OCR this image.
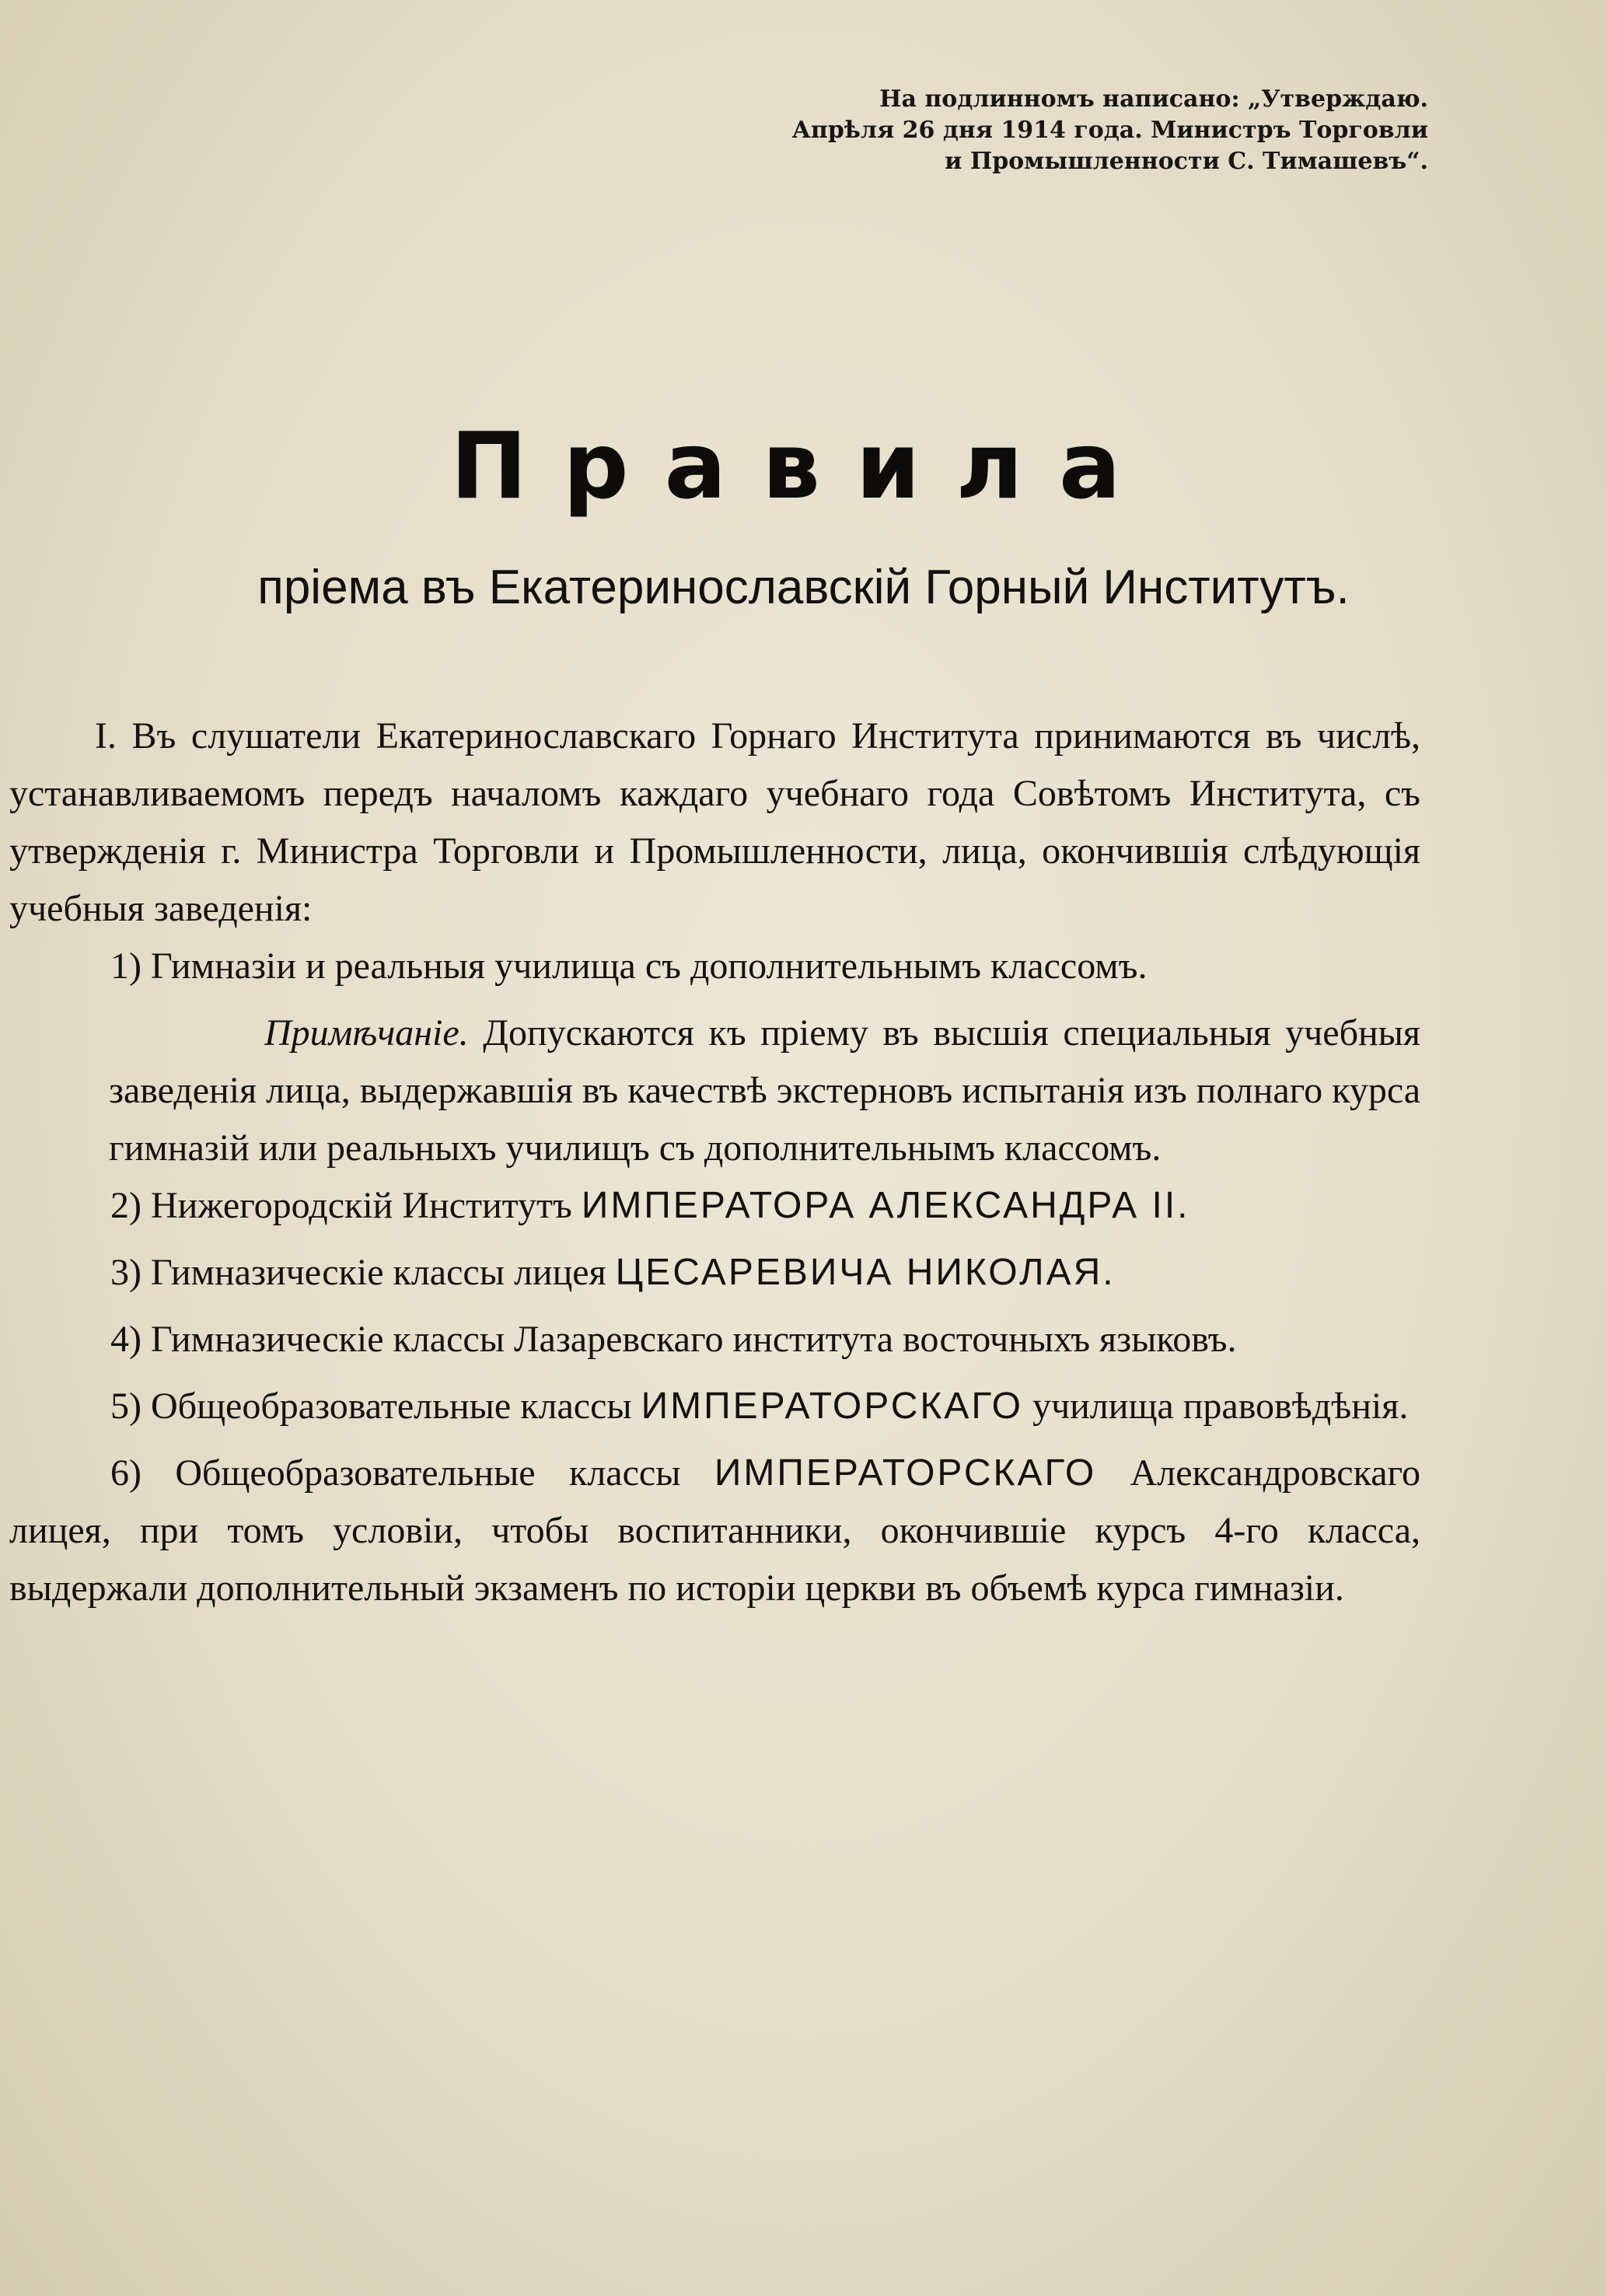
На подлинномъ написано: „Утверждаю.
Апрѣля 26 дня 1914 года. Министръ Торговли
и Промышленности С. Тимашевъ“.
Правила
пріема въ Екатеринославскій Горный Институтъ.

I. Въ слушатели Екатеринославскаго Горнаго Института принимаются въ числѣ, устанавливаемомъ передъ началомъ каждаго учебнаго года Совѣтомъ Института, съ утвержденія г. Министра Торговли и Промышленности, лица, окончившія слѣдующія учебныя заведенія:

1) Гимназіи и реальныя училища съ дополнительнымъ классомъ.

Примѣчаніе. Допускаются къ пріему въ высшія специальныя учебныя заведенія лица, выдержавшія въ качествѣ экстерновъ испытанія изъ полнаго курса гимназій или реальныхъ училищъ съ дополнительнымъ классомъ.

2) Нижегородскій Институтъ ИМПЕРАТОРА АЛЕКСАНДРА II.

3) Гимназическіе классы лицея ЦЕСАРЕВИЧА НИКОЛАЯ.

4) Гимназическіе классы Лазаревскаго института восточныхъ языковъ.

5) Общеобразовательные классы ИМПЕРАТОРСКАГО училища правовѣдѣнія.

6) Общеобразовательные классы ИМПЕРАТОРСКАГО Александровскаго лицея, при томъ условіи, чтобы воспитанники, окончившіе курсъ 4-го класса, выдержали дополнительный экзаменъ по исторіи церкви въ объемѣ курса гимназіи.
